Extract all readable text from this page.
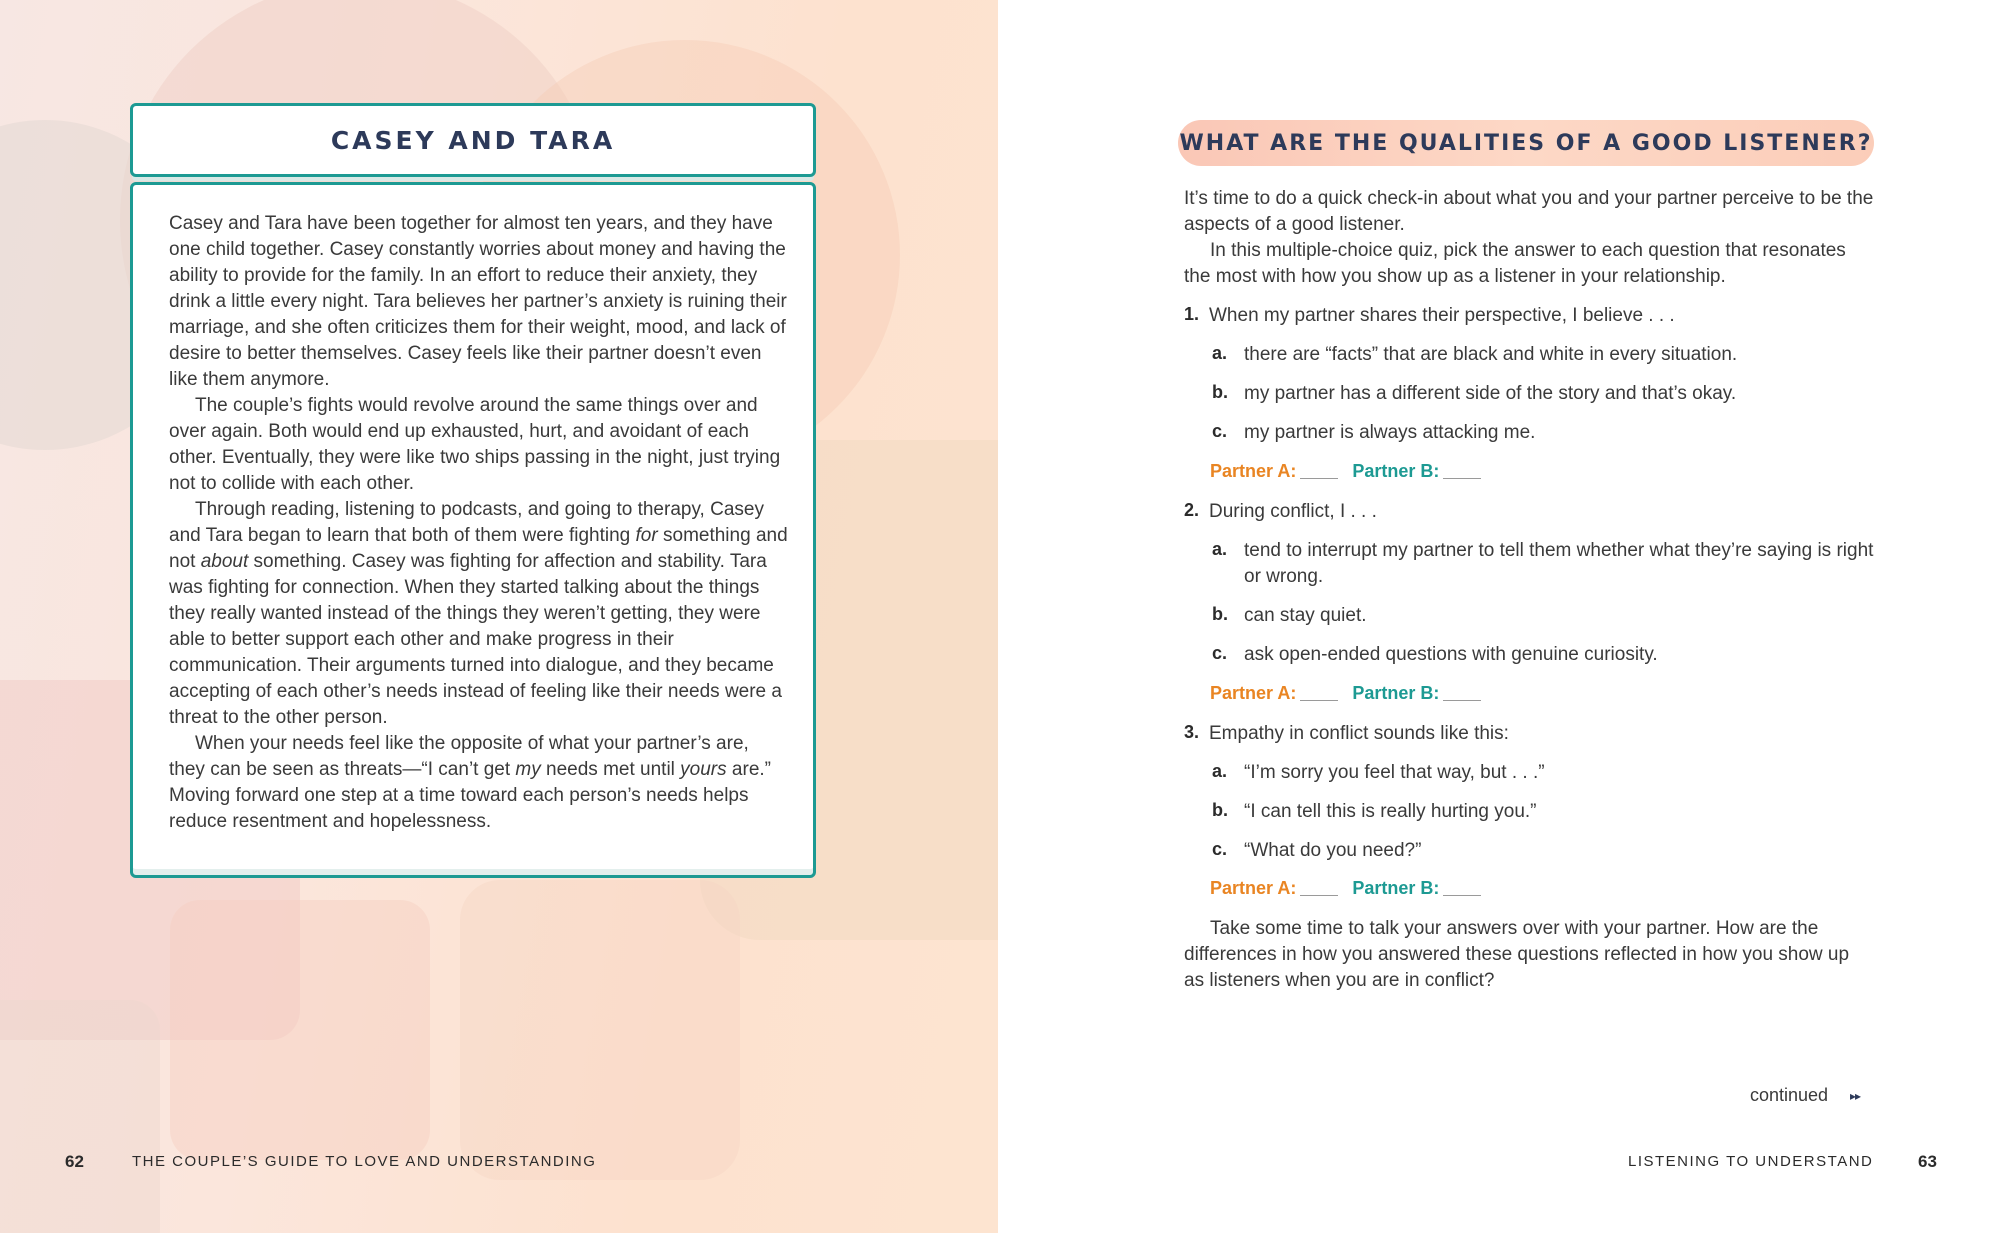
CASEY AND TARA

Casey and Tara have been together for almost ten years, and they have one child together. Casey constantly worries about money and having the ability to provide for the family. In an effort to reduce their anxiety, they drink a little every night. Tara believes her partner’s anxiety is ruining their marriage, and she often criticizes them for their weight, mood, and lack of desire to better themselves. Casey feels like their partner doesn’t even like them anymore.

The couple’s fights would revolve around the same things over and over again. Both would end up exhausted, hurt, and avoidant of each other. Eventually, they were like two ships passing in the night, just trying not to collide with each other.

Through reading, listening to podcasts, and going to therapy, Casey and Tara began to learn that both of them were fighting for something and not about something. Casey was fighting for affection and stability. Tara was fighting for connection. When they started talking about the things they really wanted instead of the things they weren’t getting, they were able to better support each other and make progress in their communication. Their arguments turned into dialogue, and they became accepting of each other’s needs instead of feeling like their needs were a threat to the other person.

When your needs feel like the opposite of what your partner’s are, they can be seen as threats—“I can’t get my needs met until yours are.” Moving forward one step at a time toward each person’s needs helps reduce resentment and hopelessness.

62	THE COUPLE’S GUIDE TO LOVE AND UNDERSTANDING
WHAT ARE THE QUALITIES OF A GOOD LISTENER?

It’s time to do a quick check-in about what you and your partner perceive to be the aspects of a good listener.

In this multiple-choice quiz, pick the answer to each question that resonates the most with how you show up as a listener in your relationship.

1. When my partner shares their perspective, I believe . . .
a. there are “facts” that are black and white in every situation.
b. my partner has a different side of the story and that’s okay.
c. my partner is always attacking me.
Partner A:	Partner B:
2. During conflict, I . . .
a. tend to interrupt my partner to tell them whether what they’re saying is right or wrong.
b. can stay quiet.
c. ask open-ended questions with genuine curiosity.
Partner A:	Partner B:
3. Empathy in conflict sounds like this:
a. “I’m sorry you feel that way, but . . .”
b. “I can tell this is really hurting you.”
c. “What do you need?”
Partner A:	Partner B:

Take some time to talk your answers over with your partner. How are the differences in how you answered these questions reflected in how you show up as listeners when you are in conflict?

continued ▸▸
LISTENING TO UNDERSTAND	63
